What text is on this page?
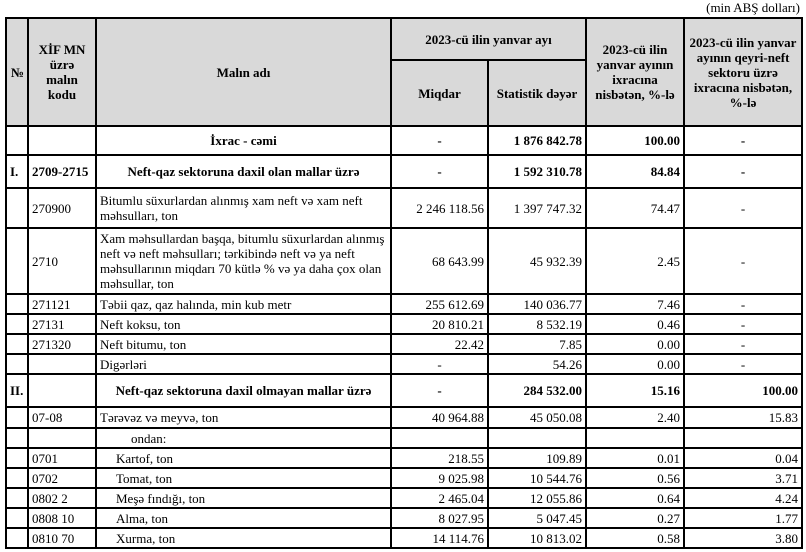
(min ABŞ dolları)
№	XİF MN üzrə malın kodu	Malın adı	2023-cü ilin yanvar ayı		2023-cü ilin yanvar ayının ixracına nisbətən, %-lə	2023-cü ilin yanvar ayının qeyri-neft sektoru üzrə ixracına nisbətən, %-lə
			Miqdar	Statistik dəyər		
		İxrac - cəmi	-	1 876 842.78	100.00	-
I.	2709-2715	Neft-qaz sektoruna daxil olan mallar üzrə	-	1 592 310.78	84.84	-
	270900	Bitumlu süxurlardan alınmış xam neft və xam neft məhsulları, ton	2 246 118.56	1 397 747.32	74.47	-
	2710	Xam məhsullardan başqa, bitumlu süxurlardan alınmış neft və neft məhsulları; tərkibində neft və ya neft məhsullarının miqdarı 70 kütlə % və ya daha çox olan məhsullar, ton	68 643.99	45 932.39	2.45	-
	271121	Təbii qaz, qaz halında, min kub metr	255 612.69	140 036.77	7.46	-
	27131	Neft koksu, ton	20 810.21	8 532.19	0.46	-
	271320	Neft bitumu, ton	22.42	7.85	0.00	-
		Digərləri	-	54.26	0.00	-
II.		Neft-qaz sektoruna daxil olmayan mallar üzrə	-	284 532.00	15.16	100.00
	07-08	Tərəvəz və meyvə, ton	40 964.88	45 050.08	2.40	15.83
		ondan:				
	0701	Kartof, ton	218.55	109.89	0.01	0.04
	0702	Tomat, ton	9 025.98	10 544.76	0.56	3.71
	0802 2	Meşə fındığı, ton	2 465.04	12 055.86	0.64	4.24
	0808 10	Alma, ton	8 027.95	5 047.45	0.27	1.77
	0810 70	Xurma, ton	14 114.76	10 813.02	0.58	3.80
